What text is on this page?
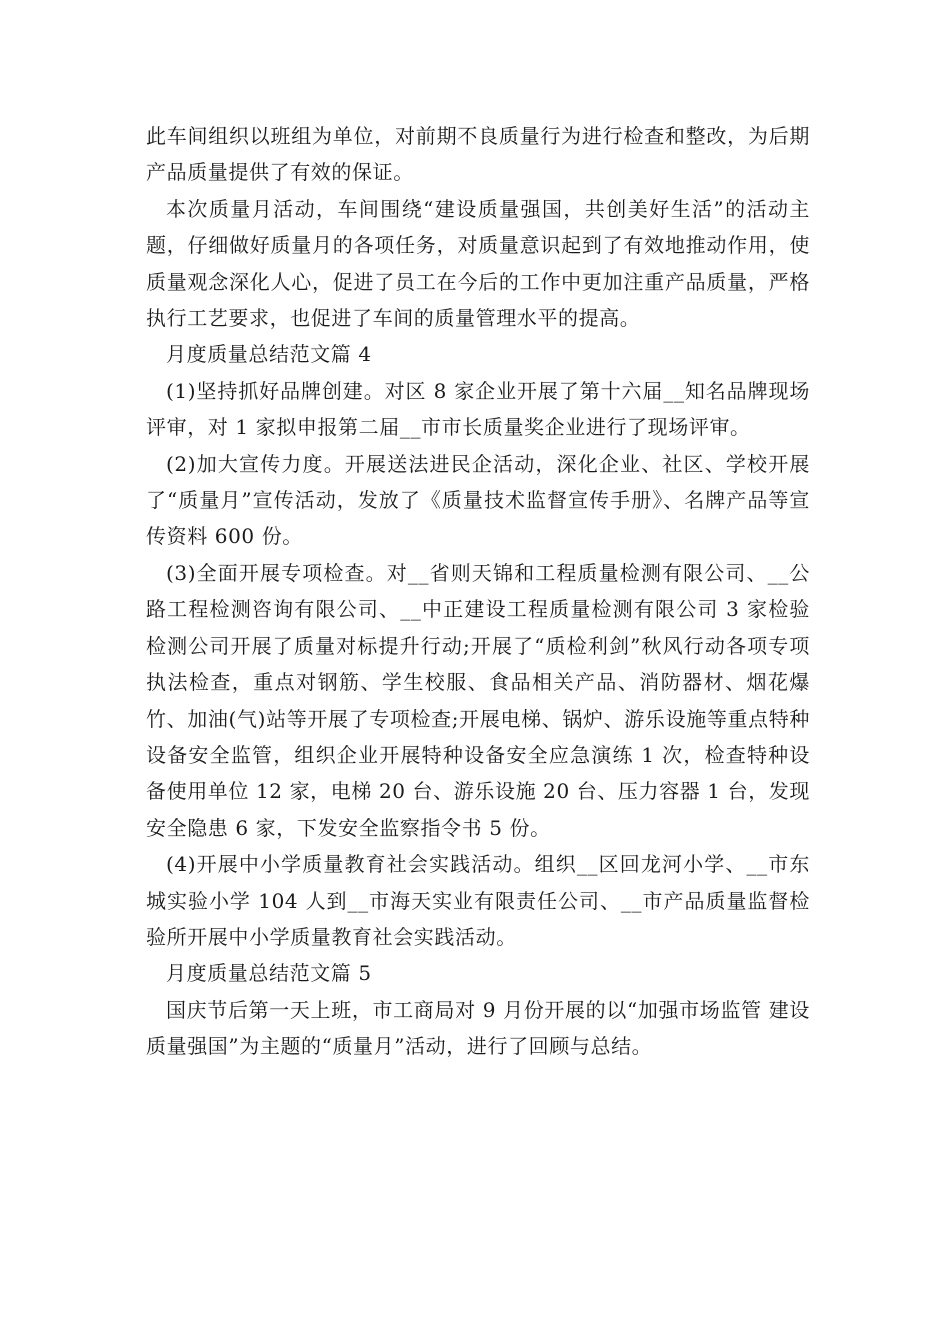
此车间组织以班组为单位，对前期不良质量行为进行检查和整改，为后期产品质量提供了有效的保证。

本次质量月活动，车间围绕“建设质量强国，共创美好生活”的活动主题，仔细做好质量月的各项任务，对质量意识起到了有效地推动作用，使质量观念深化人心，促进了员工在今后的工作中更加注重产品质量，严格执行工艺要求，也促进了车间的质量管理水平的提高。

月度质量总结范文篇 4

(1)坚持抓好品牌创建。对区 8 家企业开展了第十六届__知名品牌现场评审，对 1 家拟申报第二届__市市长质量奖企业进行了现场评审。

(2)加大宣传力度。开展送法进民企活动，深化企业、社区、学校开展了“质量月”宣传活动，发放了《质量技术监督宣传手册》、名牌产品等宣传资料 600 份。

(3)全面开展专项检查。对__省则天锦和工程质量检测有限公司、__公路工程检测咨询有限公司、__中正建设工程质量检测有限公司 3 家检验检测公司开展了质量对标提升行动;开展了“质检利剑”秋风行动各项专项执法检查，重点对钢筋、学生校服、食品相关产品、消防器材、烟花爆竹、加油(气)站等开展了专项检查;开展电梯、锅炉、游乐设施等重点特种设备安全监管，组织企业开展特种设备安全应急演练 1 次，检查特种设备使用单位 12 家，电梯 20 台、游乐设施 20 台、压力容器 1 台，发现安全隐患 6 家，下发安全监察指令书 5 份。

(4)开展中小学质量教育社会实践活动。组织__区回龙河小学、__市东城实验小学 104 人到__市海天实业有限责任公司、__市产品质量监督检验所开展中小学质量教育社会实践活动。

月度质量总结范文篇 5

国庆节后第一天上班，市工商局对 9 月份开展的以“加强市场监管 建设质量强国”为主题的“质量月”活动，进行了回顾与总结。
